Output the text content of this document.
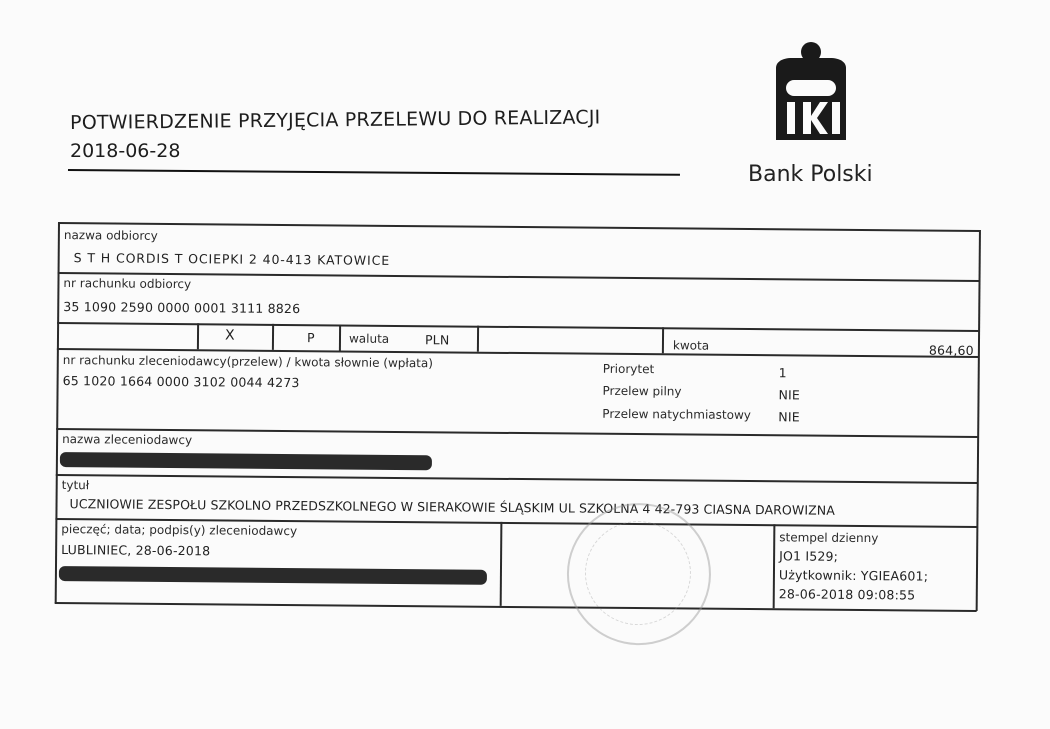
POTWIERDZENIE PRZYJĘCIA PRZELEWU DO REALIZACJI
2018-06-28
Bank Polski
nazwa odbiorcy
S T H CORDIS T OCIEPKI 2 40-413 KATOWICE
nr rachunku odbiorcy
35 1090 2590 0000 0001 3111 8826
X	P	waluta	PLN	kwota	864,60
nr rachunku zleceniodawcy(przelew) / kwota słownie (wpłata)
65 1020 1664 0000 3102 0044 4273
Priorytet	1
Przelew pilny	NIE
Przelew natychmiastowy NIE
nazwa zleceniodawcy
tytuł
UCZNIOWIE ZESPOŁU SZKOLNO PRZEDSZKOLNEGO W SIERAKOWIE ŚLĄSKIM UL SZKOLNA 4 42-793 CIASNA DAROWIZNA
pieczęć; data; podpis(y) zleceniodawcy
LUBLINIEC, 28-06-2018
stempel dzienny
JO1 I529;
Użytkownik: YGIEA601;
28-06-2018 09:08:55
